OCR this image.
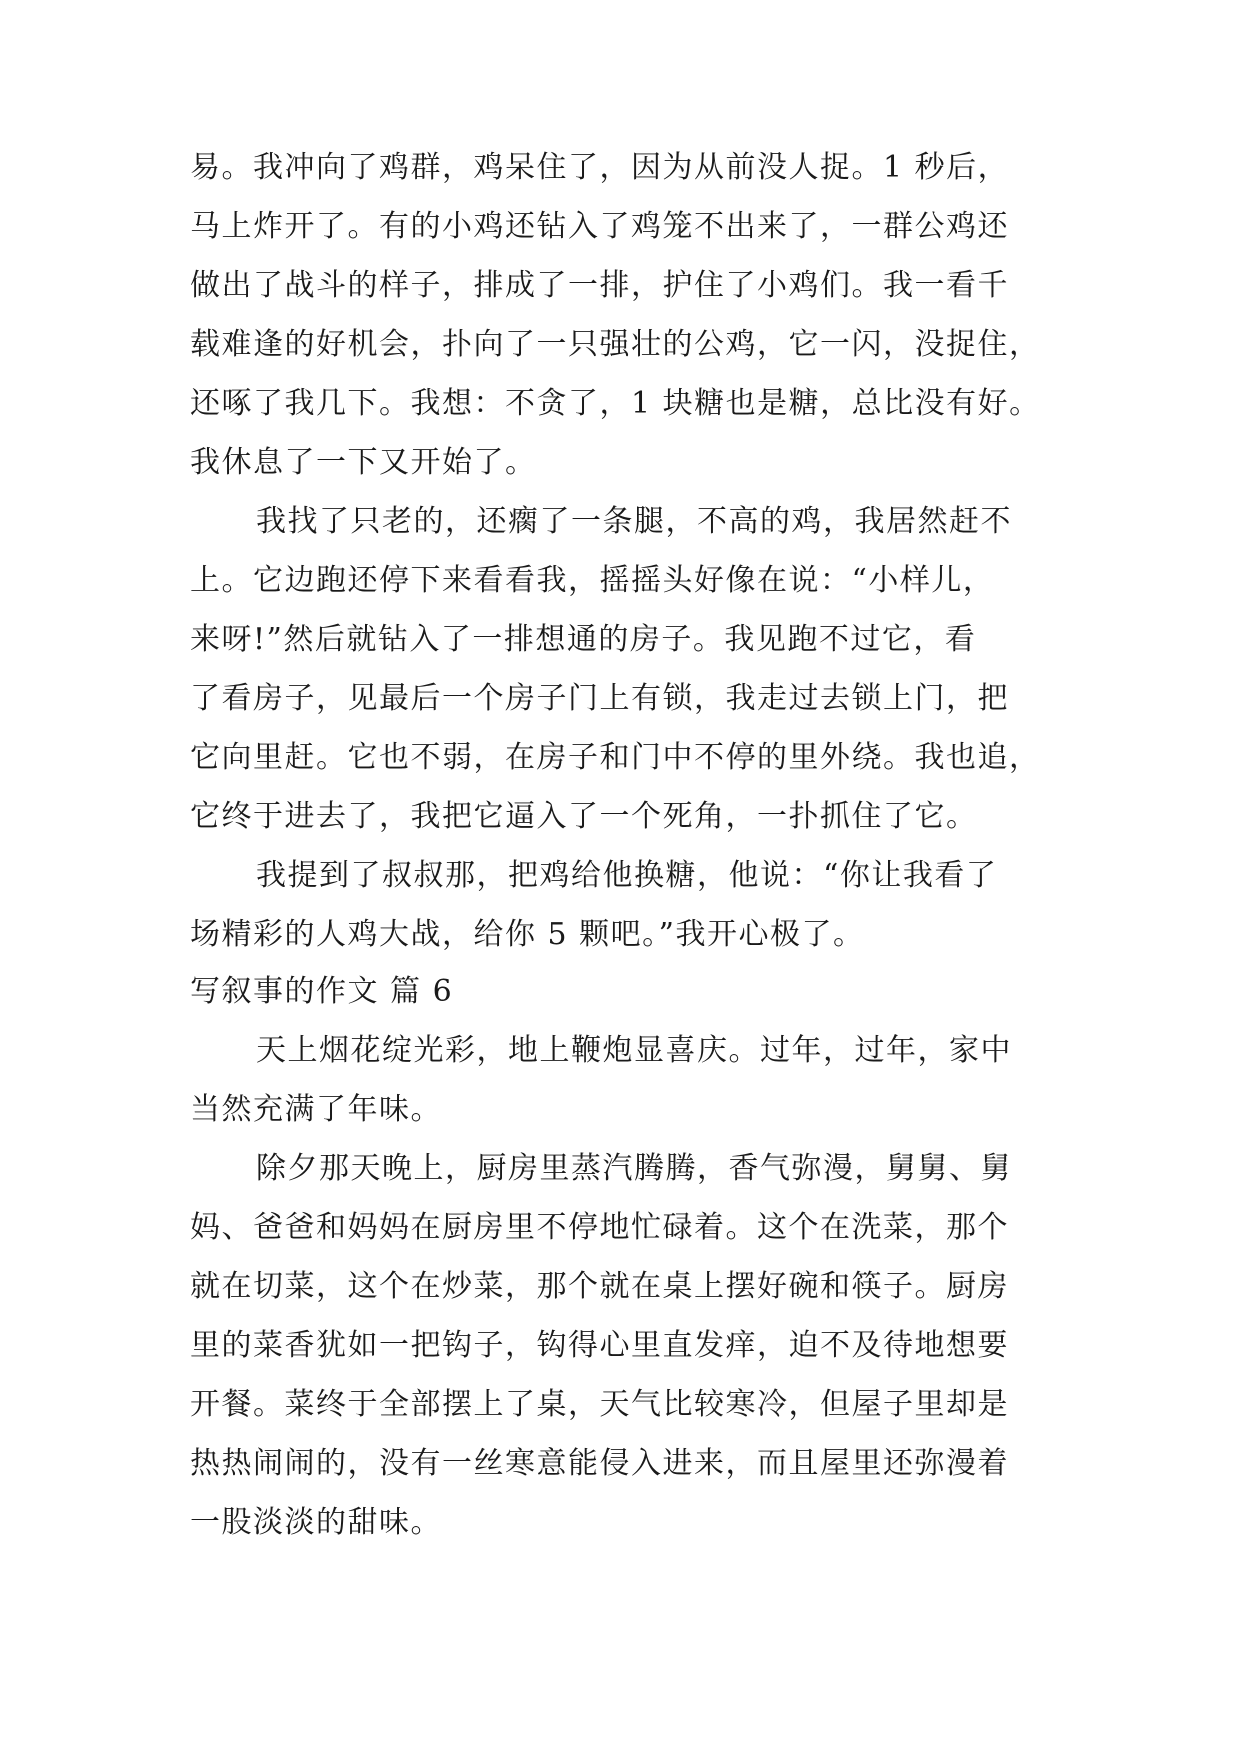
易。我冲向了鸡群，鸡呆住了，因为从前没人捉。1 秒后，
马上炸开了。有的小鸡还钻入了鸡笼不出来了，一群公鸡还
做出了战斗的样子，排成了一排，护住了小鸡们。我一看千
载难逢的好机会，扑向了一只强壮的公鸡，它一闪，没捉住，
还啄了我几下。我想：不贪了，1 块糖也是糖，总比没有好。
我休息了一下又开始了。
我找了只老的，还瘸了一条腿，不高的鸡，我居然赶不
上。它边跑还停下来看看我，摇摇头好像在说：“小样儿，
来呀!”然后就钻入了一排想通的房子。我见跑不过它，看
了看房子，见最后一个房子门上有锁，我走过去锁上门，把
它向里赶。它也不弱，在房子和门中不停的里外绕。我也追，
它终于进去了，我把它逼入了一个死角，一扑抓住了它。
我提到了叔叔那，把鸡给他换糖，他说：“你让我看了
场精彩的人鸡大战，给你 5 颗吧。”我开心极了。
写叙事的作文 篇 6
天上烟花绽光彩，地上鞭炮显喜庆。过年，过年，家中
当然充满了年味。
除夕那天晚上，厨房里蒸汽腾腾，香气弥漫，舅舅、舅
妈、爸爸和妈妈在厨房里不停地忙碌着。这个在洗菜，那个
就在切菜，这个在炒菜，那个就在桌上摆好碗和筷子。厨房
里的菜香犹如一把钩子，钩得心里直发痒，迫不及待地想要
开餐。菜终于全部摆上了桌，天气比较寒冷，但屋子里却是
热热闹闹的，没有一丝寒意能侵入进来，而且屋里还弥漫着
一股淡淡的甜味。
